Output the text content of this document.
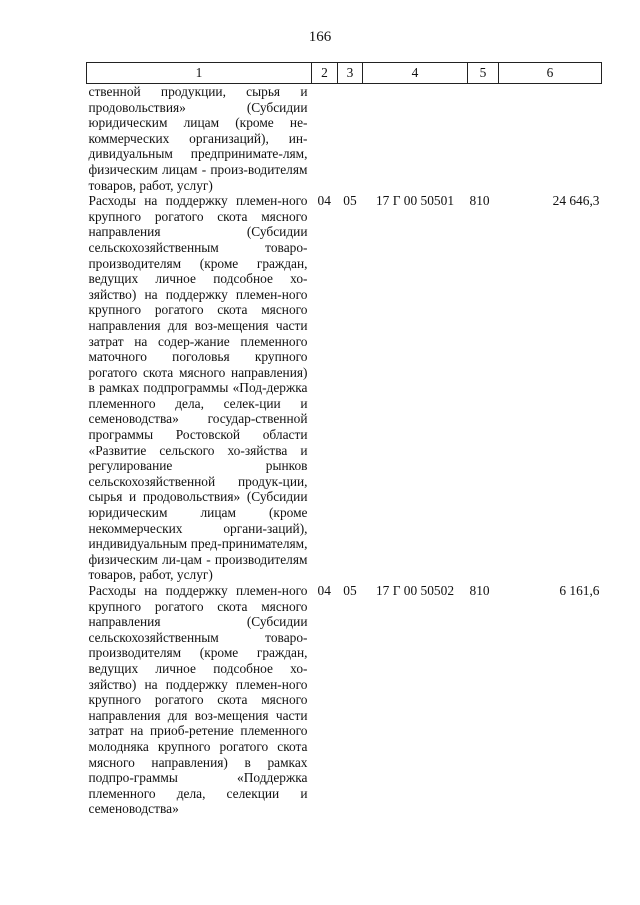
166
1	2	3	4	5	6
ственной продукции, сырья и продовольствия» (Субсидии юридическим лицам (кроме не-коммерческих организаций), ин-дивидуальным предпринимате-лям, физическим лицам - произ-водителям товаров, работ, услуг)					
Расходы на поддержку племен-ного крупного рогатого скота мясного направления (Субсидии сельскохозяйственным товаро-производителям (кроме граждан, ведущих личное подсобное хо-зяйство) на поддержку племен-ного крупного рогатого скота мясного направления для воз-мещения части затрат на содер-жание племенного маточного поголовья крупного рогатого скота мясного направления) в рамках подпрограммы «Под-держка племенного дела, селек-ции и семеноводства» государ-ственной программы Ростовской области «Развитие сельского хо-зяйства и регулирование рынков сельскохозяйственной продук-ции, сырья и продовольствия» (Субсидии юридическим лицам (кроме некоммерческих органи-заций), индивидуальным пред-принимателям, физическим ли-цам - производителям товаров, работ, услуг)	04	05	17 Г 00 50501	810	24 646,3
Расходы на поддержку племен-ного крупного рогатого скота мясного направления (Субсидии сельскохозяйственным товаро-производителям (кроме граждан, ведущих личное подсобное хо-зяйство) на поддержку племен-ного крупного рогатого скота мясного направления для воз-мещения части затрат на приоб-ретение племенного молодняка крупного рогатого скота мясного направления) в рамках подпро-граммы «Поддержка племенного дела, селекции и семеноводства»	04	05	17 Г 00 50502	810	6 161,6
